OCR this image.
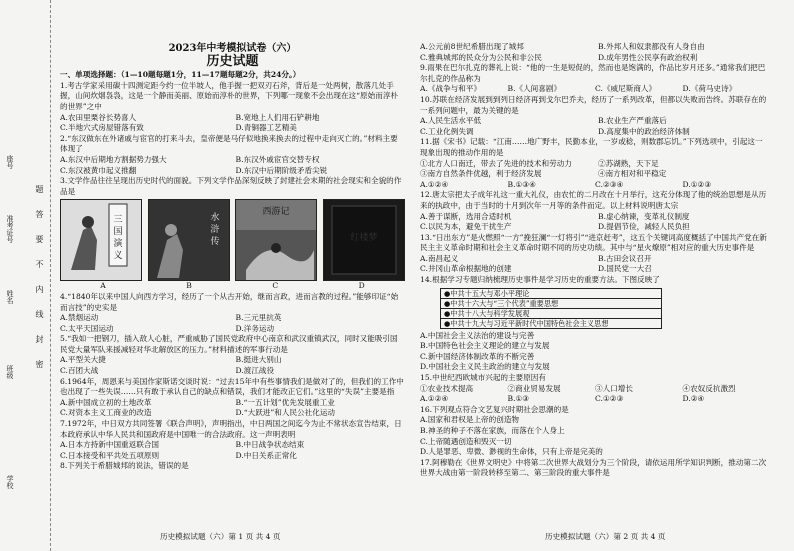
学校
班级
姓名
准考证号
座号
密
封
线
内
不
要
答
题
2023年中考模拟试卷（六）
历史试题

一、单项选择题：（1—10题每题1分，11—17题每题2分，共24分。）

1.考古学家采用碳十四测定距今约一位半坡人，他手握一把双刃石斧，背后是一处两树，散落几处手握，山间炊烟袅袅，这是一个静而美丽、原始而淳朴的世界，下列哪一现象不会出现在这“原始而淳朴的世界”之中

A.农田里栗谷长势喜人	B.宽地上人们用石铲耕地
C.半地穴式房屋错落有致	D.青铜器工艺精美

2.“东汉做东在外诸戚与宦官的打来斗去，皇帝便是马仔似地换来换去的过程中走向灭亡的。”材料主要体现了

A.东汉中后期地方割据势力强大	B.东汉外戚宦官交替专权
C.东汉被黄巾起义推翻	D.东汉中后期阶级矛盾尖锐

3.文学作品往往呈现出历史时代的面貌。下列文学作品深刻反映了封建社会末期的社会现实和全貌的作品是

三
国
演
义
水
浒
传
西游记
红楼梦
A	B	C	D

4.“1840年以来中国人向西方学习，经历了一个从古开始，继而言政，进而言教的过程。”能够印证“始而言技”的史实是

A.禁烟运动	B.三元里抗英
C.太平天国运动	D.洋务运动

5.“我如一把钢刀，插入敌人心脏，严重威胁了国民党政府中心南京和武汉重镇武汉，同时又能吸引国民党大量军队来援减轻对华北解放区的压力。”材料描述的军事行动是

A.平型关大捷	B.挺进大别山
C.百团大战	D.渡江战役

6.1964年，周恩来与美国作家斯诺交谈时说：“过去15年中有些事情我们是做对了的，但我们的工作中也出现了一些失误……只有敢于承认自己的缺点和错误，我们才能改正它们。”这里的“失误”主要是指

A.新中国成立初的土地改革	B.“一五计划”优先发展重工业
C.对资本主义工商业的改造	D.“大跃进”和人民公社化运动

7.1972年，中日双方共同签署《联合声明》，声明指出，中日两国之间迄今为止不常状态宣告结束，日本政府承认中华人民共和国政府是中国唯一的合法政府。这一声明表明

A.日本方持新中国重返联合国	B.中日战争状态结束
C.日本接受和平共处五项原则	D.中日关系正常化

8.下列关于希腊城邦的说法，错误的是

历史模拟试题（六）第 1 页 共 4 页
A.公元前8世纪希腊出现了城邦	B.外邦人和奴隶都没有人身自由
C.雅典城邦的民众分为公民和非公民	D.成年男性公民享有政治权利

9.雨果在巴尔扎克的葬礼上说：“他的一生是短促的，然而也是饱满的，作品比岁月还多。”通常我们把巴尔扎克的作品称为

A.《战争与和平》	B.《人间喜剧》	C.《威尼斯商人》	D.《荷马史诗》

10.苏联在经济发展到到列日经济再到戈尔巴乔夫，经历了一系列改革，但都以失败而告终。苏联存在的一系列问题中，最为关键的是

A.人民生活水平低	B.农业生产严重落后
C.工业化例失调	D.高度集中的政治经济体制

11.据《宋书》记载：“江南……地广野丰，民勤本业，一岁或稔，则数郡忘饥。”下列选项中，引起这一现象出现的推动作用的是

①北方人口南迁，带去了先进的技术和劳动力	②苏湖熟，天下足
③南方自然条件优越，利于经济发展	④南方相对和平稳定
A.①②④	B.①③④	C.②③④	D.①②③

12.唐太宗把太子成年礼这一重大礼仪，由农忙的二月改在十月举行，这充分体现了他的统治思想是从历来的执政中，由于当时的十月到次年一月等的条件而定。以上材料说明唐太宗

A.善于谋断，选用合适时机	B.虚心纳谏，变革礼仪制度
C.以民为本，避免干扰生产	D.提倡节俭，减轻人民负担

13.“日出东方”是火燃照“一方”挽狂澜“一灯将引”“进京赶考”，这五个关键词高度概括了中国共产党在新民主主义革命时期和社会主义革命时期不同的历史功绩。其中与“星火燎原”相对应的重大历史事件是

A.南昌起义	B.古田会议召开
C.井冈山革命根据地的创建	D.国民党一大召

14.根据学习专题归纳梳理历史事件是学习历史的重要方法。下图反映了

●中共十五大与邓小平理论
●中共十六大与“三个代表”重要思想
●中共十八大与科学发展观
●中共十九大与习近平新时代中国特色社会主义思想

A.中国社会主义法治的建设与完善

B.中国特色社会主义理论的建立与发展

C.新中国经济体制改革的不断完善

D.中国社会主义民主政治的建立与发展

15.中世纪西欧城市兴起的主要原因有

①农业技术提高	②商业贸易发展	③人口增长	④农奴反抗激烈
A.①②④	B.①③	C.①②③	D.②④

16.下列观点符合文艺复兴时期社会思潮的是

A.国家和君权是上帝的创造物

B.神圣的种子不落在家族，而落在个人身上

C.上帝随遇创造和毁灭一切

D.人是罪恶、卑微、渺视的生命体，只有上帝是完美的

17.阿穆勒在《世界文明史》中将第二次世界大战划分为三个阶段，请依运用所学知识判断，推动第二次世界大战由第一阶段转移至第二、第三阶段的重大事件是

历史模拟试题（六）第 2 页 共 4 页
